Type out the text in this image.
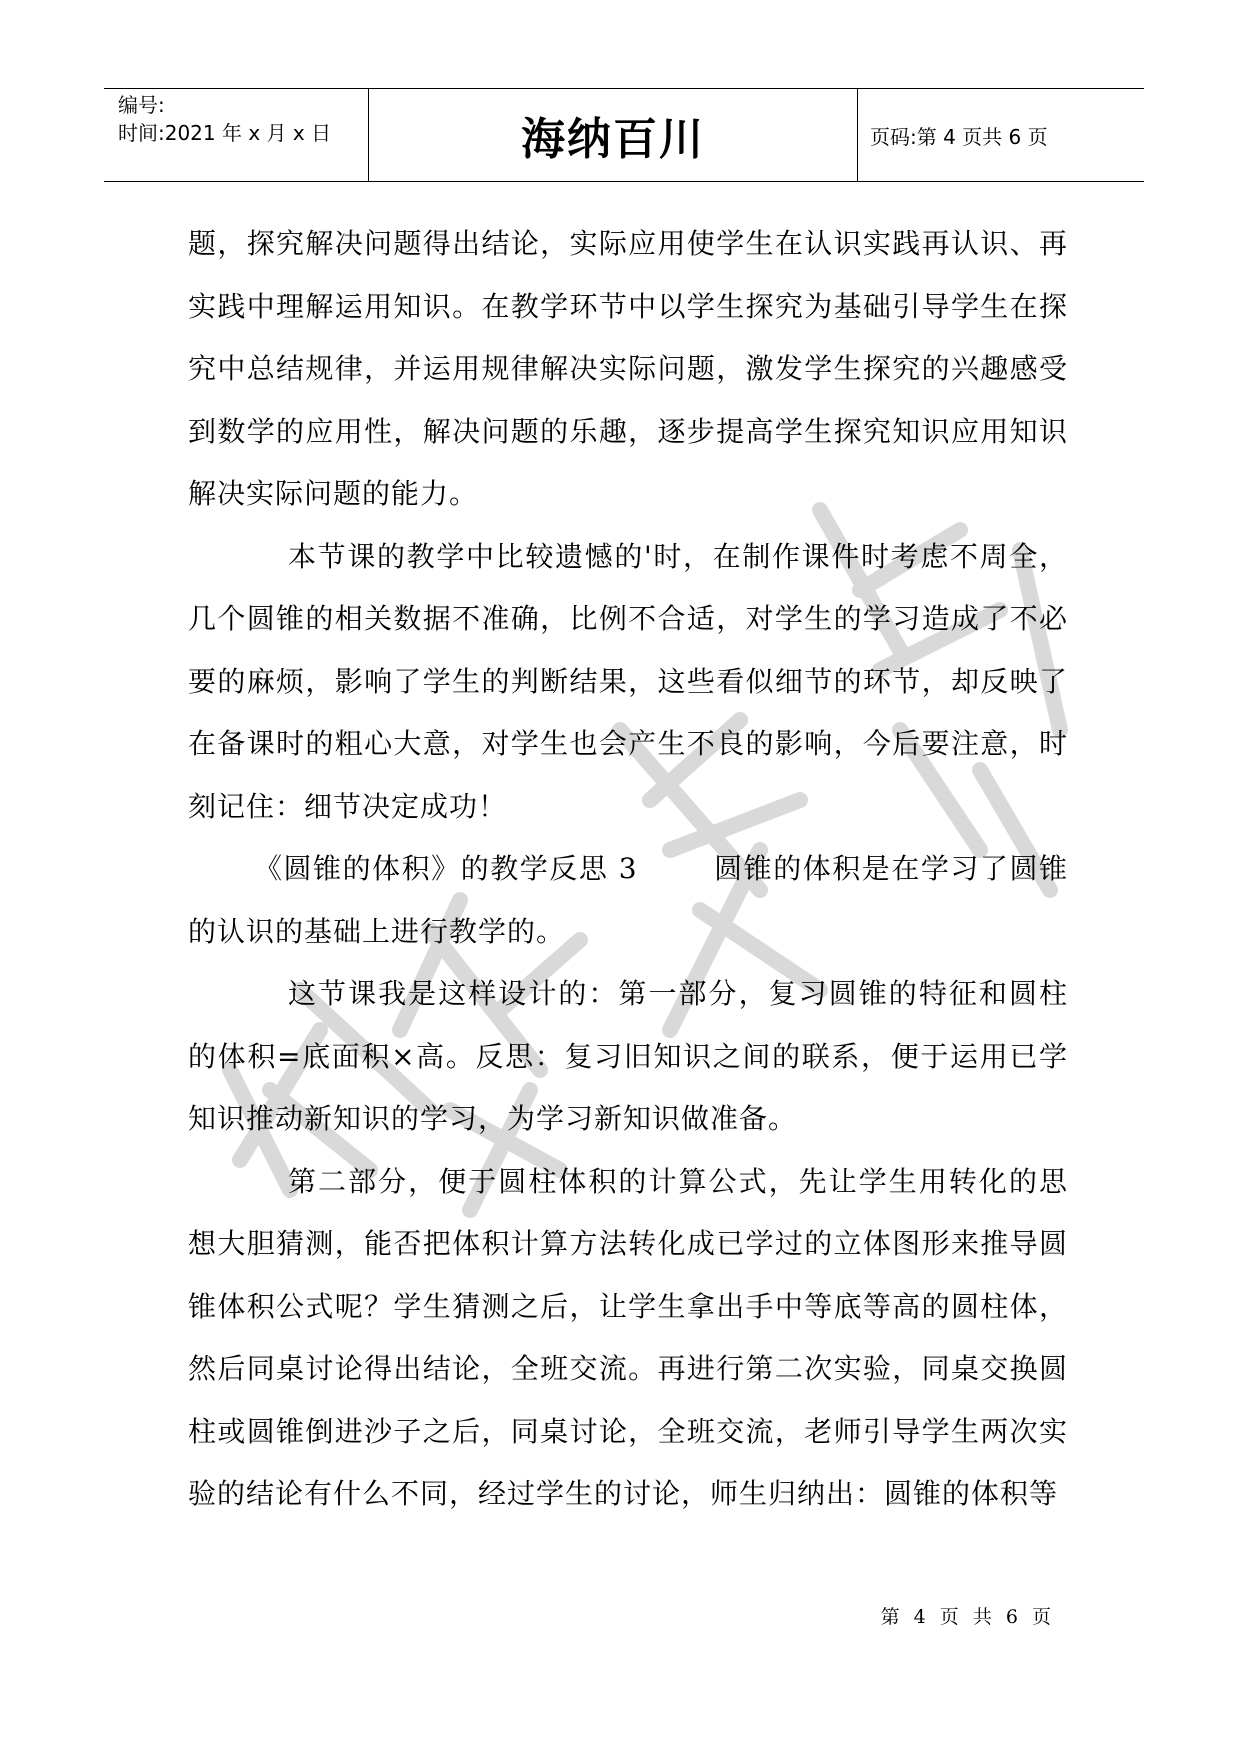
编号:
时间:2021 年 x 月 x 日	海纳百川	页码:第 4 页共 6 页

题，探究解决问题得出结论，实际应用使学生在认识实践再认识、再实践中理解运用知识。在教学环节中以学生探究为基础引导学生在探究中总结规律，并运用规律解决实际问题，激发学生探究的兴趣感受到数学的应用性，解决问题的乐趣，逐步提高学生探究知识应用知识解决实际问题的能力。

本节课的教学中比较遗憾的'时，在制作课件时考虑不周全，几个圆锥的相关数据不准确，比例不合适，对学生的学习造成了不必要的麻烦，影响了学生的判断结果，这些看似细节的环节，却反映了在备课时的粗心大意，对学生也会产生不良的影响，今后要注意，时刻记住：细节决定成功！

《圆锥的体积》的教学反思 3	圆锥的体积是在学习了圆锥的认识的基础上进行教学的。

这节课我是这样设计的：第一部分，复习圆锥的特征和圆柱的体积=底面积×高。反思：复习旧知识之间的联系，便于运用已学知识推动新知识的学习，为学习新知识做准备。

第二部分，便于圆柱体积的计算公式，先让学生用转化的思想大胆猜测，能否把体积计算方法转化成已学过的立体图形来推导圆锥体积公式呢？学生猜测之后，让学生拿出手中等底等高的圆柱体，然后同桌讨论得出结论，全班交流。再进行第二次实验，同桌交换圆柱或圆锥倒进沙子之后，同桌讨论，全班交流，老师引导学生两次实验的结论有什么不同，经过学生的讨论，师生归纳出：圆锥的体积等

第 4 页 共 6 页
